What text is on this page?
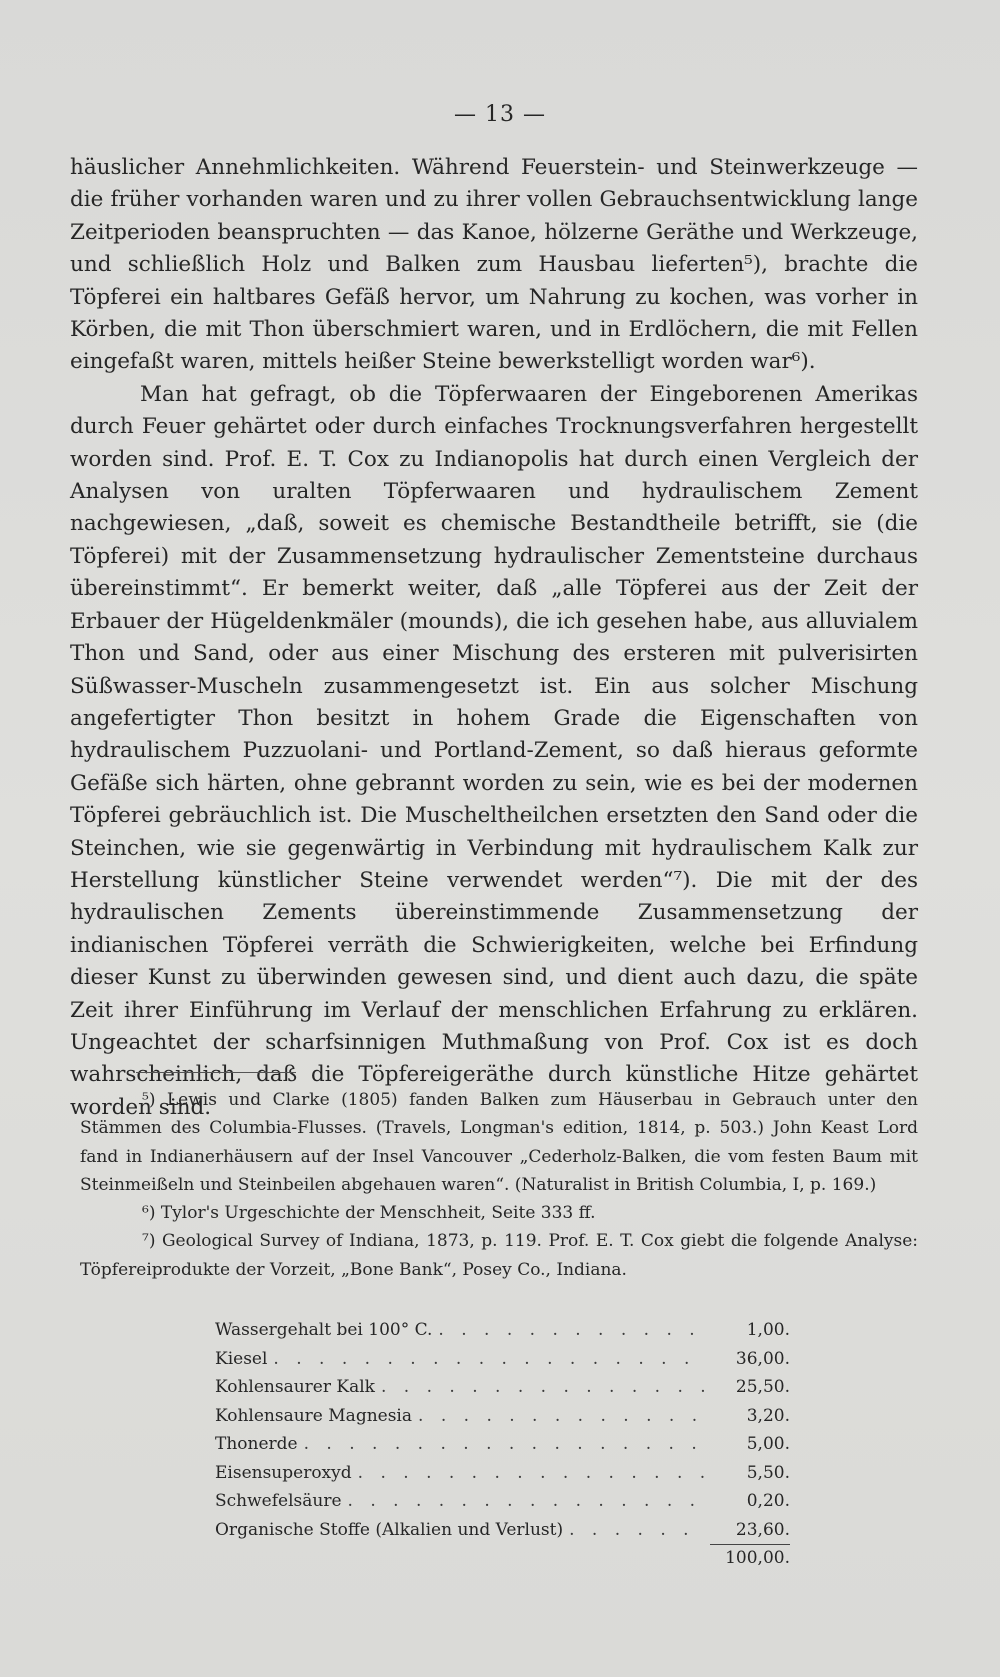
— 13 —

häuslicher Annehmlichkeiten. Während Feuerstein- und Steinwerkzeuge — die früher vorhanden waren und zu ihrer vollen Gebrauchsentwicklung lange Zeitperioden beanspruchten — das Kanoe, hölzerne Geräthe und Werkzeuge, und schließlich Holz und Balken zum Hausbau lieferten⁵), brachte die Töpferei ein haltbares Gefäß hervor, um Nahrung zu kochen, was vorher in Körben, die mit Thon überschmiert waren, und in Erdlöchern, die mit Fellen eingefaßt waren, mittels heißer Steine bewerkstelligt worden war⁶).

Man hat gefragt, ob die Töpferwaaren der Eingeborenen Amerikas durch Feuer gehärtet oder durch einfaches Trocknungsverfahren hergestellt worden sind. Prof. E. T. Cox zu Indianopolis hat durch einen Vergleich der Analysen von uralten Töpferwaaren und hydraulischem Zement nachgewiesen, „daß, soweit es chemische Bestandtheile betrifft, sie (die Töpferei) mit der Zusammensetzung hydraulischer Zementsteine durchaus übereinstimmt“. Er bemerkt weiter, daß „alle Töpferei aus der Zeit der Erbauer der Hügeldenkmäler (mounds), die ich gesehen habe, aus alluvialem Thon und Sand, oder aus einer Mischung des ersteren mit pulverisirten Süßwasser-Muscheln zusammengesetzt ist. Ein aus solcher Mischung angefertigter Thon besitzt in hohem Grade die Eigenschaften von hydraulischem Puzzuolani- und Portland-Zement, so daß hieraus geformte Gefäße sich härten, ohne gebrannt worden zu sein, wie es bei der modernen Töpferei gebräuchlich ist. Die Muscheltheilchen ersetzten den Sand oder die Steinchen, wie sie gegenwärtig in Verbindung mit hydraulischem Kalk zur Herstellung künstlicher Steine verwendet werden“⁷). Die mit der des hydraulischen Zements übereinstimmende Zusammensetzung der indianischen Töpferei verräth die Schwierigkeiten, welche bei Erfindung dieser Kunst zu überwinden gewesen sind, und dient auch dazu, die späte Zeit ihrer Einführung im Verlauf der menschlichen Erfahrung zu erklären. Ungeachtet der scharfsinnigen Muthmaßung von Prof. Cox ist es doch wahrscheinlich, daß die Töpfereigeräthe durch künstliche Hitze gehärtet worden sind.

⁵) Lewis und Clarke (1805) fanden Balken zum Häuserbau in Gebrauch unter den Stämmen des Columbia-Flusses. (Travels, Longman's edition, 1814, p. 503.) John Keast Lord fand in Indianerhäusern auf der Insel Vancouver „Cederholz-Balken, die vom festen Baum mit Steinmeißeln und Steinbeilen abgehauen waren“. (Naturalist in British Columbia, I, p. 169.)

⁶) Tylor's Urgeschichte der Menschheit, Seite 333 ff.

⁷) Geological Survey of Indiana, 1873, p. 119. Prof. E. T. Cox giebt die folgende Analyse: Töpfereiprodukte der Vorzeit, „Bone Bank“, Posey Co., Indiana.

Wassergehalt bei 100° C. . . .	1,00.
Kiesel . . .	36,00.
Kohlensaurer Kalk . . .	25,50.
Kohlensaure Magnesia . . .	3,20.
Thonerde . . .	5,00.
Eisensuperoxyd . . .	5,50.
Schwefelsäure . . .	0,20.
Organische Stoffe (Alkalien und Verlust) . . .	23,60.
100,00.
